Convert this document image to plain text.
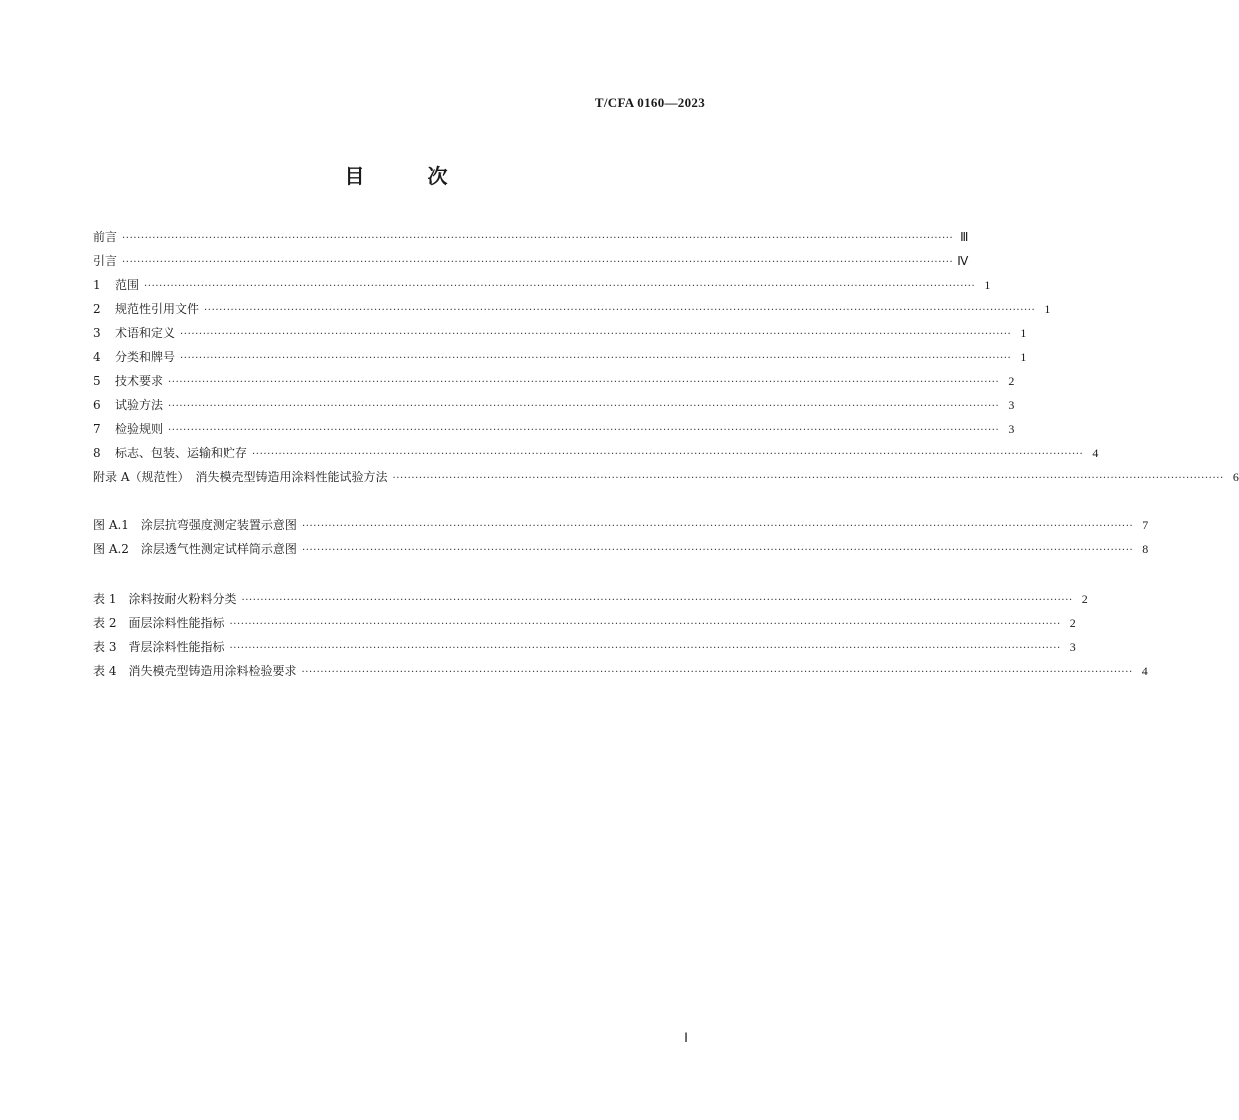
T/CFA 0160—2023
目 次
前言 ···························································································································································································································· Ⅲ
引言 ···························································································································································································································· Ⅳ
1 范围 ···························································································································································································································· 1
2 规范性引用文件 ···························································································································································································································· 1
3 术语和定义 ···························································································································································································································· 1
4 分类和牌号 ···························································································································································································································· 1
5 技术要求 ···························································································································································································································· 2
6 试验方法 ···························································································································································································································· 3
7 检验规则 ···························································································································································································································· 3
8 标志、包装、运输和贮存 ···························································································································································································································· 4
附录 A（规范性）　消失模壳型铸造用涂料性能试验方法 ···························································································································································································································· 6
图 A.1　涂层抗弯强度测定装置示意图 ···························································································································································································································· 7
图 A.2　涂层透气性测定试样筒示意图 ···························································································································································································································· 8
表 1　涂料按耐火粉料分类 ···························································································································································································································· 2
表 2　面层涂料性能指标 ···························································································································································································································· 2
表 3　背层涂料性能指标 ···························································································································································································································· 3
表 4　消失模壳型铸造用涂料检验要求 ···························································································································································································································· 4
Ⅰ
